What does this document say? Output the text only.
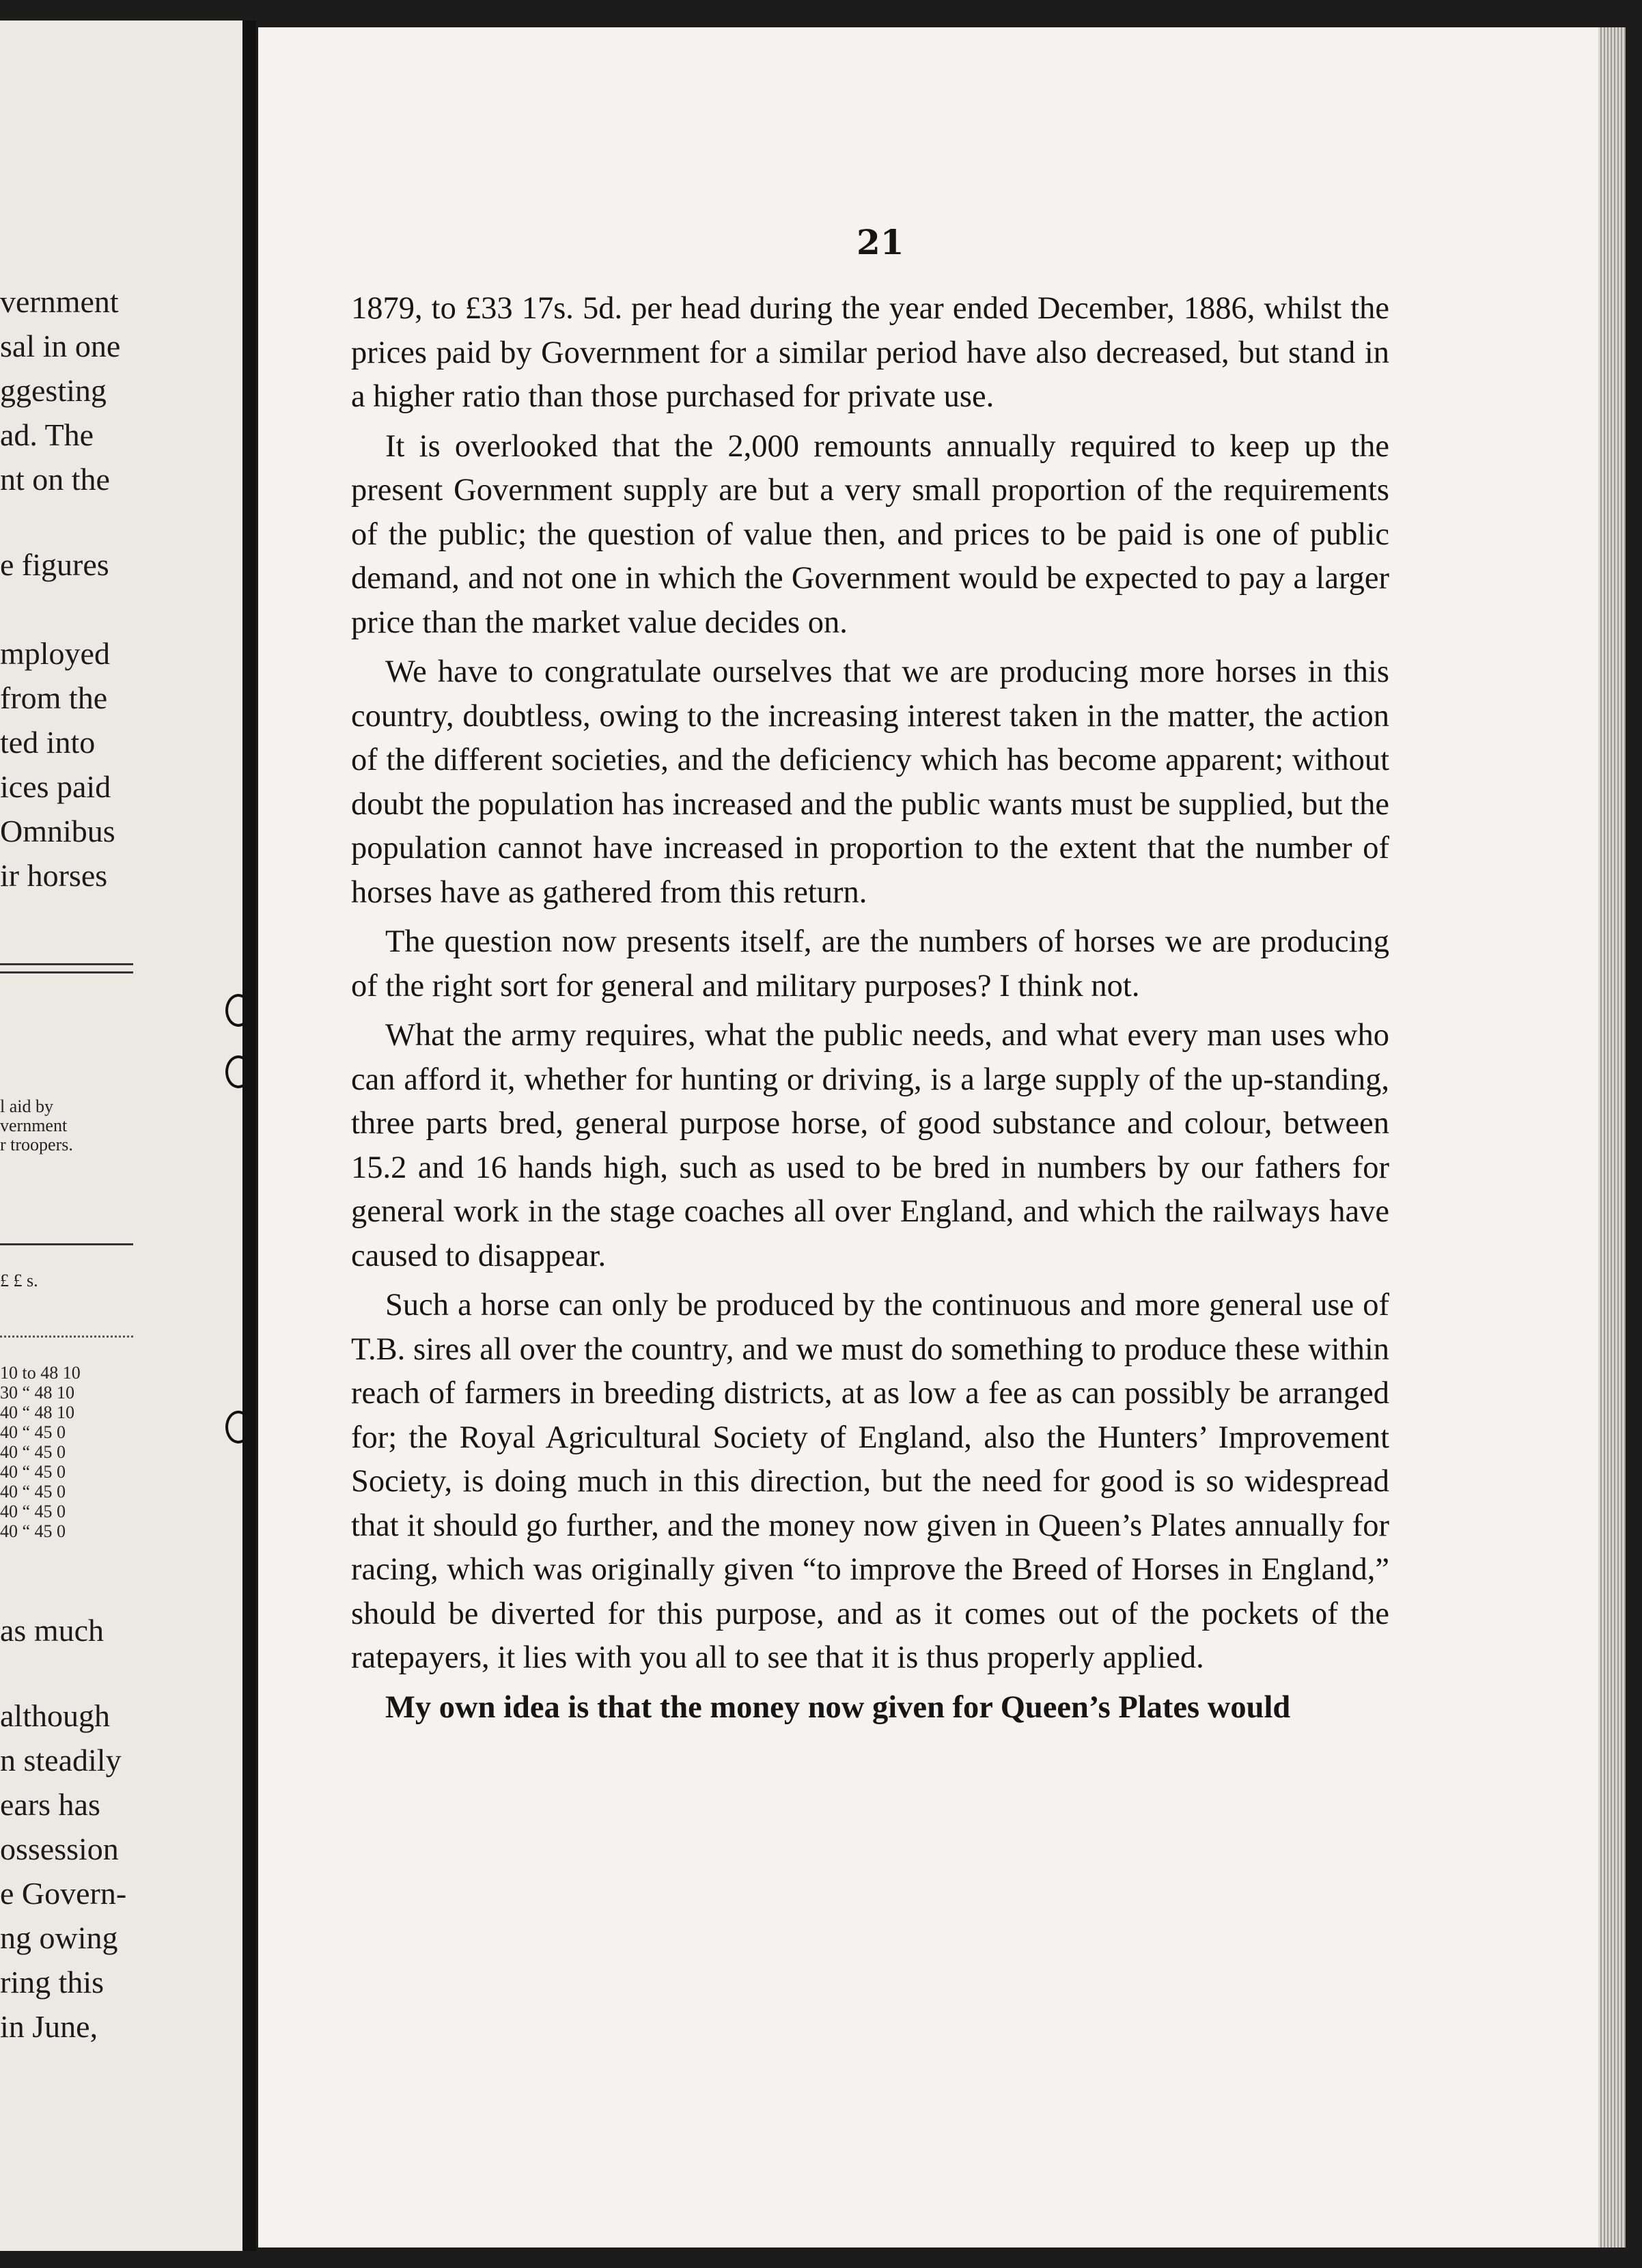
vernment
sal in one
ggesting
ad. The
nt on the
e figures
mployed
from the
ted into
ices paid
Omnibus
ir horses
l aid by
vernment
r troopers.
£ £ s.
10 to 48 10
30 “ 48 10
40 “ 48 10
40 “ 45 0
40 “ 45 0
40 “ 45 0
40 “ 45 0
40 “ 45 0
40 “ 45 0
as much
although
n steadily
ears has
ossession
e Govern-
ng owing
ring this
in June,
21

1879, to £33 17s. 5d. per head during the year ended December, 1886, whilst the prices paid by Government for a similar period have also decreased, but stand in a higher ratio than those purchased for private use.

It is overlooked that the 2,000 remounts annually required to keep up the present Government supply are but a very small proportion of the requirements of the public; the question of value then, and prices to be paid is one of public demand, and not one in which the Government would be expected to pay a larger price than the market value decides on.

We have to congratulate ourselves that we are producing more horses in this country, doubtless, owing to the increasing interest taken in the matter, the action of the different societies, and the deficiency which has become apparent; without doubt the population has increased and the public wants must be supplied, but the population cannot have increased in proportion to the extent that the number of horses have as gathered from this return.

The question now presents itself, are the numbers of horses we are producing of the right sort for general and military purposes? I think not.

What the army requires, what the public needs, and what every man uses who can afford it, whether for hunting or driving, is a large supply of the up-standing, three parts bred, general purpose horse, of good substance and colour, between 15.2 and 16 hands high, such as used to be bred in numbers by our fathers for general work in the stage coaches all over England, and which the railways have caused to disappear.

Such a horse can only be produced by the continuous and more general use of T.B. sires all over the country, and we must do something to produce these within reach of farmers in breeding districts, at as low a fee as can possibly be arranged for; the Royal Agricultural Society of England, also the Hunters’ Improvement Society, is doing much in this direction, but the need for good is so widespread that it should go further, and the money now given in Queen’s Plates annually for racing, which was originally given “to improve the Breed of Horses in England,” should be diverted for this purpose, and as it comes out of the pockets of the ratepayers, it lies with you all to see that it is thus properly applied.

My own idea is that the money now given for Queen’s Plates would
